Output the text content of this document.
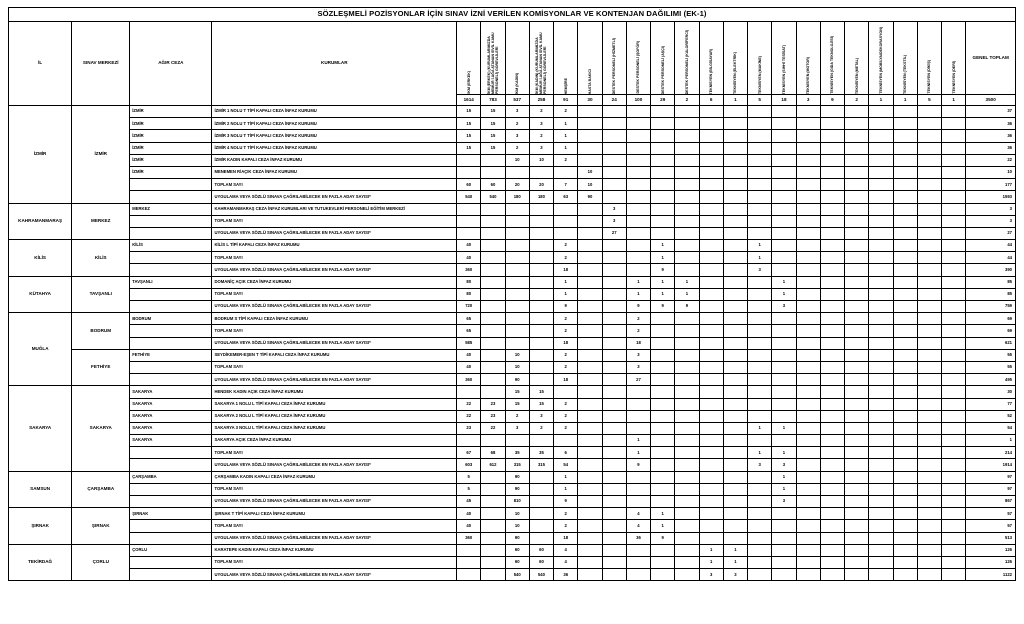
SÖZLEŞMELİ POZİSYONLAR İÇİN SINAV İZNİ VERİLEN KOMİSYONLAR VE KONTENJAN DAĞILIMI (EK-1)																									
İL	SINAV MERKEZİ	AĞIR CEZA	KURUMLAR	İKM (ERKEK)	İKM (ERKEK) (KURUMLARIMIZDA MEMUR İ.AĞA ATANAN SİVİL KAMU PERSONELİ) GÖREVLİLERİ	İKM (KADIN)	İKM (KADIN) (KURUMLARIMIZDA MEMUR İ.AĞA ATANAN SİVİL KAMU PERSONELİ) GÖREVLİLERİ	HEMŞİRE	HASTA BAKICI	DESTEK PERSONELİ (HİZMETLİ)	DESTEK PERSONELİ (ŞOFÖR)	DESTEK PERSONELİ (AŞÇI)	DESTEK PERSONELİ (KALORİFERCİ)	TEKNİSYEN (BİLGİSAYAR)	TEKNİSYEN (ELEKTRİK)	TEKNİSYEN (MAKİNE)	TEKNİSYEN (SIHHİ TESİSAT)	TEKNİSYEN (MOTOR)	TEKNİSYEN (GIDA TEKNOLOJİSİ)	TEKNİSYEN (METAL)	TEKNİSYEN (MOBİLYA/DEKORASYON)	TEKNİSYEN (TEKSTİL)	TEKNİSYEN (DİKİŞ)	TEKNİSYEN (DERİ)	GENEL TOPLAM
				1614	783	537	258	91	30	24	100	29	2	6	1	5	18	3	9	2	1	1	5	1	3500
İZMİR	İZMİR	İZMİR	İZMİR 1 NOLU T TİPİ KAPALI CEZA İNFAZ KURUMU	15	15	3	2	2																	37
		İZMİR	İZMİR 2 NOLU T TİPİ KAPALI CEZA İNFAZ KURUMU	15	15	2	3	1																	36
		İZMİR	İZMİR 3 NOLU T TİPİ KAPALI CEZA İNFAZ KURUMU	15	15	3	2	1																	36
		İZMİR	İZMİR 4 NOLU T TİPİ KAPALI CEZA İNFAZ KURUMU	15	15	2	3	1																	36
		İZMİR	İZMİR KADIN KAPALI CEZA İNFAZ KURUMU			10	10	2																	22
		İZMİR	MENEMEN R/AÇIK CEZA İNFAZ KURUMU						10																10
			TOPLAM SAYI	60	60	20	20	7	10																177
			UYGULAMA VEYA SÖZLÜ SINAVA ÇAĞRILABİLECEK EN FAZLA ADAY SAYISI*	540	540	180	180	63	90																1593
KAHRAMANMARAŞ	MERKEZ	MERKEZ	KAHRAMANMARAŞ CEZA İNFAZ KURUMLARI VE TUTUKEVLERİ PERSONELİ EĞİTİM MERKEZİ							3															3
			TOPLAM SAYI							3															3
			UYGULAMA VEYA SÖZLÜ SINAVA ÇAĞRILABİLECEK EN FAZLA ADAY SAYISI*							27															27
KİLİS	KİLİS	KİLİS	KİLİS L TİPİ KAPALI CEZA İNFAZ KURUMU	40				2				1				1									44
			TOPLAM SAYI	40				2				1				1									44
			UYGULAMA VEYA SÖZLÜ SINAVA ÇAĞRILABİLECEK EN FAZLA ADAY SAYISI*	360				18				9				3									390
KÜTAHYA	TAVŞANLI	TAVŞANLI	DOMANİÇ AÇIK CEZA İNFAZ KURUMU	80				1			1	1	1				1								85
			TOPLAM SAYI	80				1			1	1	1				1								85
			UYGULAMA VEYA SÖZLÜ SINAVA ÇAĞRILABİLECEK EN FAZLA ADAY SAYISI*	720				9			9	9	9				3								759
MUĞLA	BODRUM	BODRUM	BODRUM S TİPİ KAPALI CEZA İNFAZ KURUMU	65				2			2														69
			TOPLAM SAYI	65				2			2														69
			UYGULAMA VEYA SÖZLÜ SINAVA ÇAĞRILABİLECEK EN FAZLA ADAY SAYISI*	585				18			18														621
	FETHİYE	FETHİYE	SEYDİKEMER-EŞEN T TİPİ KAPALI CEZA İNFAZ KURUMU	40		10		2			3														55
			TOPLAM SAYI	40		10		2			3														55
			UYGULAMA VEYA SÖZLÜ SINAVA ÇAĞRILABİLECEK EN FAZLA ADAY SAYISI*	360		90		18			27														495
SAKARYA	SAKARYA	SAKARYA	HENDEK KADIN AÇIK CEZA İNFAZ KURUMU			15	15																		30
		SAKARYA	SAKARYA 1 NOLU L TİPİ KAPALI CEZA İNFAZ KURUMU	22	23	15	15	2																	77
		SAKARYA	SAKARYA 2 NOLU L TİPİ KAPALI CEZA İNFAZ KURUMU	22	23	2	3	2																	52
		SAKARYA	SAKARYA 3 NOLU L TİPİ KAPALI CEZA İNFAZ KURUMU	23	22	3	2	2								1	1								54
		SAKARYA	SAKARYA AÇIK CEZA İNFAZ KURUMU								1														1
			TOPLAM SAYI	67	68	35	35	6			1					1	1								214
			UYGULAMA VEYA SÖZLÜ SINAVA ÇAĞRILABİLECEK EN FAZLA ADAY SAYISI*	603	612	315	315	54			9					3	3								1914
SAMSUN	ÇARŞAMBA	ÇARŞAMBA	ÇARŞAMBA KADIN KAPALI CEZA İNFAZ KURUMU	5		90		1									1								97
			TOPLAM SAYI	5		90		1									1								97
			UYGULAMA VEYA SÖZLÜ SINAVA ÇAĞRILABİLECEK EN FAZLA ADAY SAYISI*	45		810		9									3								867
ŞIRNAK	ŞIRNAK	ŞIRNAK	ŞIRNAK T TİPİ KAPALI CEZA İNFAZ KURUMU	40		10		2			4	1													57
			TOPLAM SAYI	40		10		2			4	1													57
			UYGULAMA VEYA SÖZLÜ SINAVA ÇAĞRILABİLECEK EN FAZLA ADAY SAYISI*	360		90		18			36	9													513
TEKİRDAĞ	ÇORLU	ÇORLU	KARATEPE KADIN KAPALI CEZA İNFAZ KURUMU			60	60	4						1	1										126
			TOPLAM SAYI			60	60	4						1	1										126
			UYGULAMA VEYA SÖZLÜ SINAVA ÇAĞRILABİLECEK EN FAZLA ADAY SAYISI*			540	540	36						3	3										1122
